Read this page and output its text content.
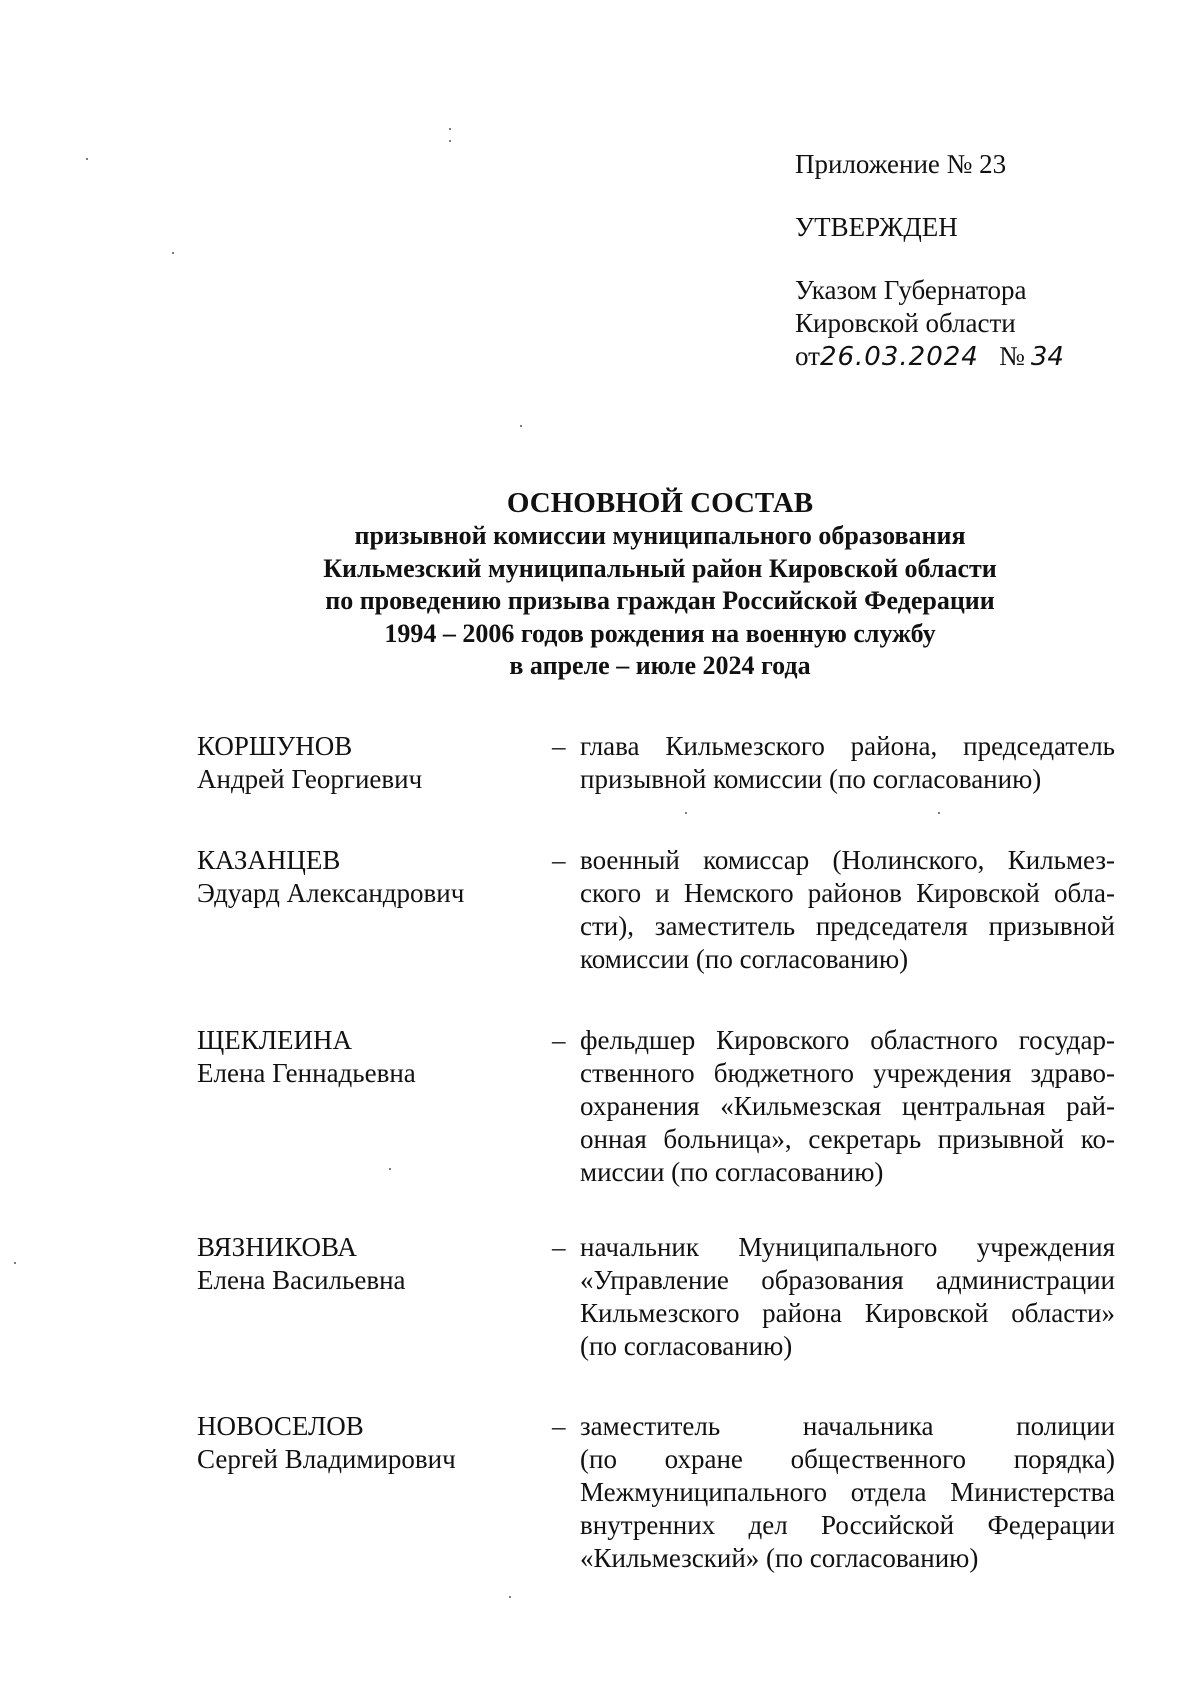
Приложение № 23
УТВЕРЖДЕН
Указом Губернатора
Кировской области
от26.03.2024 № 34
ОСНОВНОЙ СОСТАВ
призывной комиссии муниципального образования
Кильмезский муниципальный район Кировской области
по проведению призыва граждан Российской Федерации
1994 – 2006 годов рождения на военную службу
в апреле – июле 2024 года
КОРШУНОВ
Андрей Георгиевич
– глава Кильмезского района, председатель
призывной комиссии (по согласованию)
КАЗАНЦЕВ
Эдуард Александрович
– военный комиссар (Нолинского, Кильмез-
ского и Немского районов Кировской обла-
сти), заместитель председателя призывной
комиссии (по согласованию)
ЩЕКЛЕИНА
Елена Геннадьевна
– фельдшер Кировского областного государ-
ственного бюджетного учреждения здраво-
охранения «Кильмезская центральная рай-
онная больница», секретарь призывной ко-
миссии (по согласованию)
ВЯЗНИКОВА
Елена Васильевна
– начальник Муниципального учреждения
«Управление образования администрации
Кильмезского района Кировской области»
(по согласованию)
НОВОСЕЛОВ
Сергей Владимирович
– заместитель начальника полиции
(по охране общественного порядка)
Межмуниципального отдела Министерства
внутренних дел Российской Федерации
«Кильмезский» (по согласованию)
